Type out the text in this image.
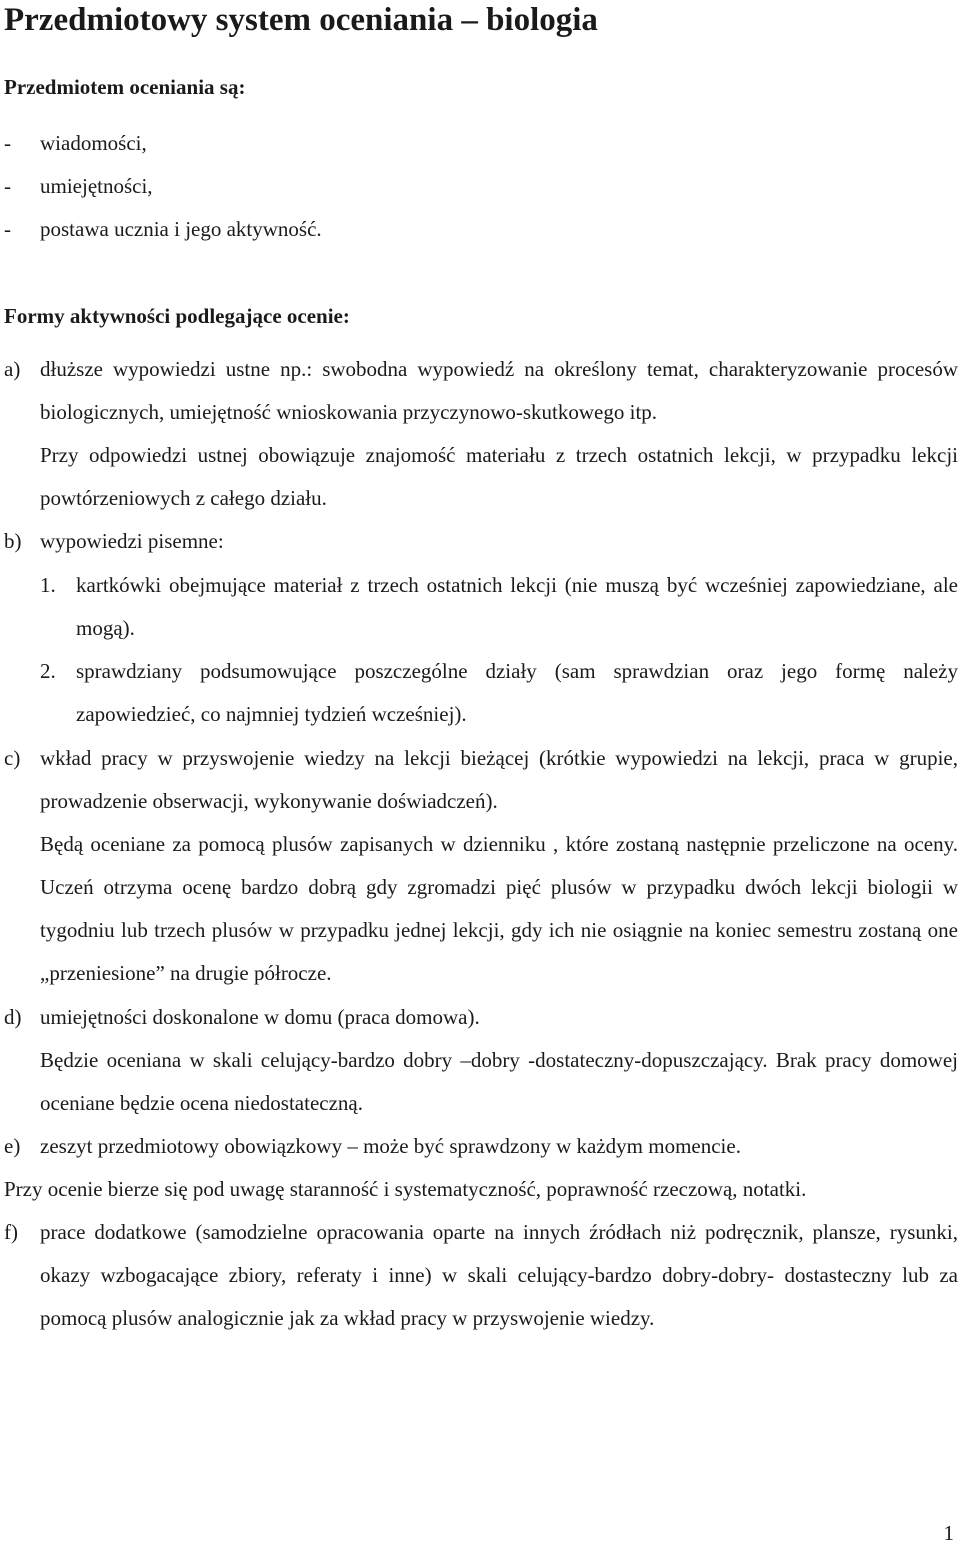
Przedmiotowy system oceniania – biologia
Przedmiotem oceniania są:
- wiadomości,
- umiejętności,
- postawa ucznia i jego aktywność.
Formy aktywności podlegające ocenie:
a) dłuższe wypowiedzi ustne np.: swobodna wypowiedź na określony temat, charakteryzowanie procesów biologicznych, umiejętność wnioskowania przyczynowo-skutkowego itp.
Przy odpowiedzi ustnej obowiązuje znajomość materiału z trzech ostatnich lekcji, w przypadku lekcji powtórzeniowych z całego działu.
b) wypowiedzi pisemne:
1. kartkówki obejmujące materiał z trzech ostatnich lekcji (nie muszą być wcześniej zapowiedziane, ale mogą).
2. sprawdziany podsumowujące poszczególne działy (sam sprawdzian oraz jego formę należy zapowiedzieć, co najmniej tydzień wcześniej).
c) wkład pracy w przyswojenie wiedzy na lekcji bieżącej (krótkie wypowiedzi na lekcji, praca w grupie, prowadzenie obserwacji, wykonywanie doświadczeń).
Będą oceniane za pomocą plusów zapisanych w dzienniku , które zostaną następnie przeliczone na oceny. Uczeń otrzyma ocenę bardzo dobrą gdy zgromadzi pięć plusów w przypadku dwóch lekcji biologii w tygodniu lub trzech plusów w przypadku jednej lekcji, gdy ich nie osiągnie na koniec semestru zostaną one „przeniesione” na drugie półrocze.
d) umiejętności doskonalone w domu (praca domowa).
Będzie oceniana w skali celujący-bardzo dobry –dobry -dostateczny-dopuszczający. Brak pracy domowej oceniane będzie ocena niedostateczną.
e) zeszyt przedmiotowy obowiązkowy – może być sprawdzony w każdym momencie.
Przy ocenie bierze się pod uwagę staranność i systematyczność, poprawność rzeczową, notatki.
f) prace dodatkowe (samodzielne opracowania oparte na innych źródłach niż podręcznik, plansze, rysunki, okazy wzbogacające zbiory, referaty i inne) w skali celujący-bardzo dobry-dobry- dostasteczny lub za pomocą plusów analogicznie jak za wkład pracy w przyswojenie wiedzy.
1
